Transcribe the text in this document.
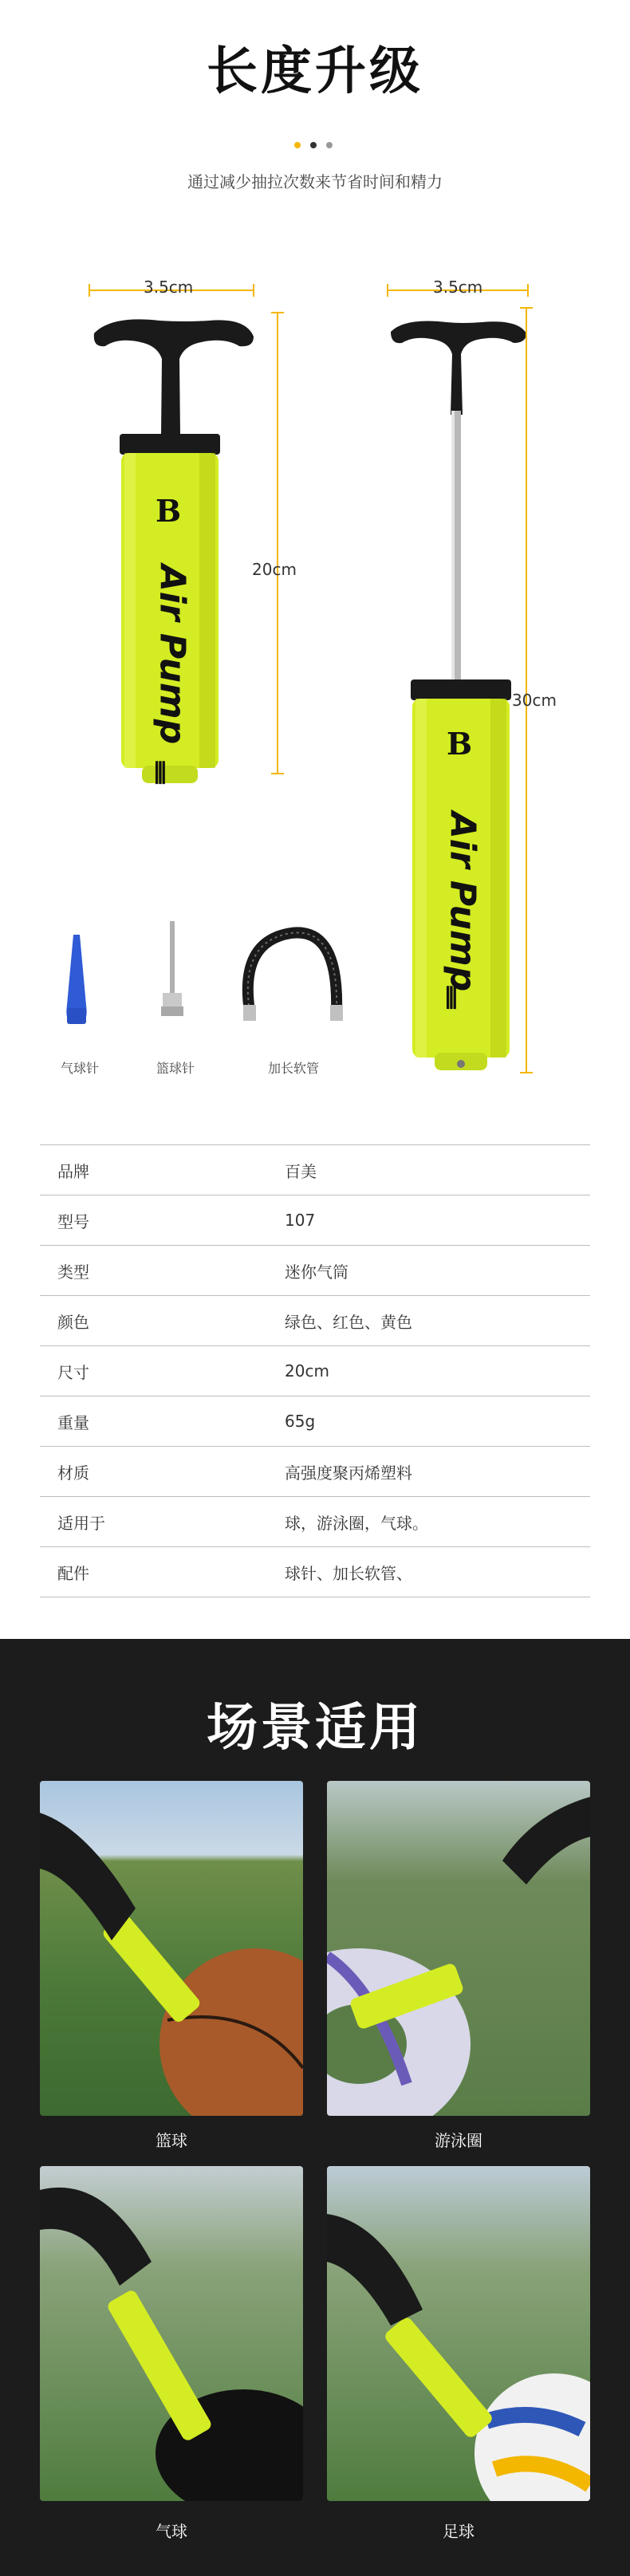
长度升级
通过减少抽拉次数来节省时间和精力
3.5cm	3.5cm
20cm
30cm
B
Air Pump
⦀
B
Air Pump
⦀
气球针	篮球针	加长软管
品牌	百美
型号	107
类型	迷你气筒
颜色	绿色、红色、黄色
尺寸	20cm
重量	65g
材质	高强度聚丙烯塑料
适用于	球，游泳圈，气球。
配件	球针、加长软管、
场景适用
篮球	游泳圈
气球	足球
